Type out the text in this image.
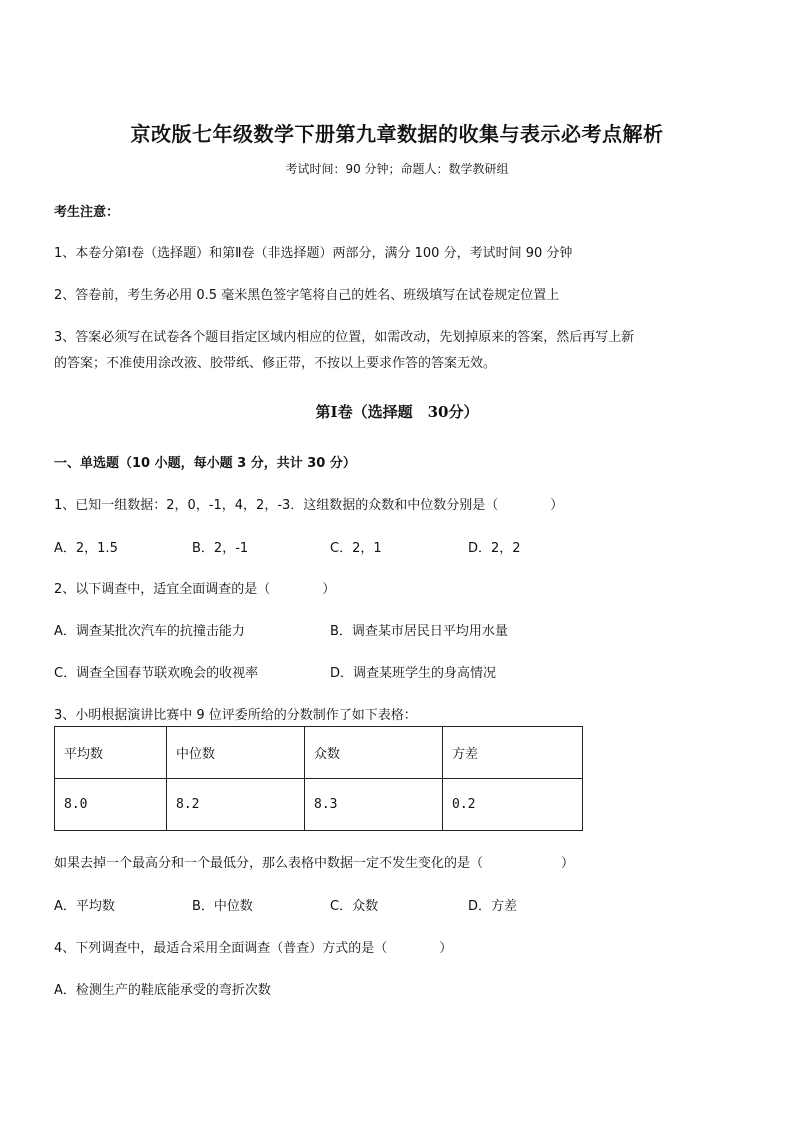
京改版七年级数学下册第九章数据的收集与表示必考点解析
考试时间：90 分钟；命题人：数学教研组
考生注意：
1、本卷分第Ⅰ卷（选择题）和第Ⅱ卷（非选择题）两部分，满分 100 分，考试时间 90 分钟
2、答卷前，考生务必用 0.5 毫米黑色签字笔将自己的姓名、班级填写在试卷规定位置上
3、答案必须写在试卷各个题目指定区域内相应的位置，如需改动，先划掉原来的答案，然后再写上新
的答案；不准使用涂改液、胶带纸、修正带，不按以上要求作答的答案无效。
第Ⅰ卷（选择题　30分）
一、单选题（10 小题，每小题 3 分，共计 30 分）
1、已知一组数据：2，0，-1，4，2，-3．这组数据的众数和中位数分别是（　　　　）
A．2，1.5	B．2，-1	C．2，1	D．2，2
2、以下调查中，适宜全面调查的是（　　　　）
A．调查某批次汽车的抗撞击能力	B．调查某市居民日平均用水量
C．调查全国春节联欢晚会的收视率	D．调查某班学生的身高情况
3、小明根据演讲比赛中 9 位评委所给的分数制作了如下表格：
平均数	中位数	众数	方差
8.0	8.2	8.3	0.2
如果去掉一个最高分和一个最低分，那么表格中数据一定不发生变化的是（　　　　　　）
A．平均数	B．中位数	C．众数	D．方差
4、下列调查中，最适合采用全面调查（普查）方式的是（　　　　）
A．检测生产的鞋底能承受的弯折次数
